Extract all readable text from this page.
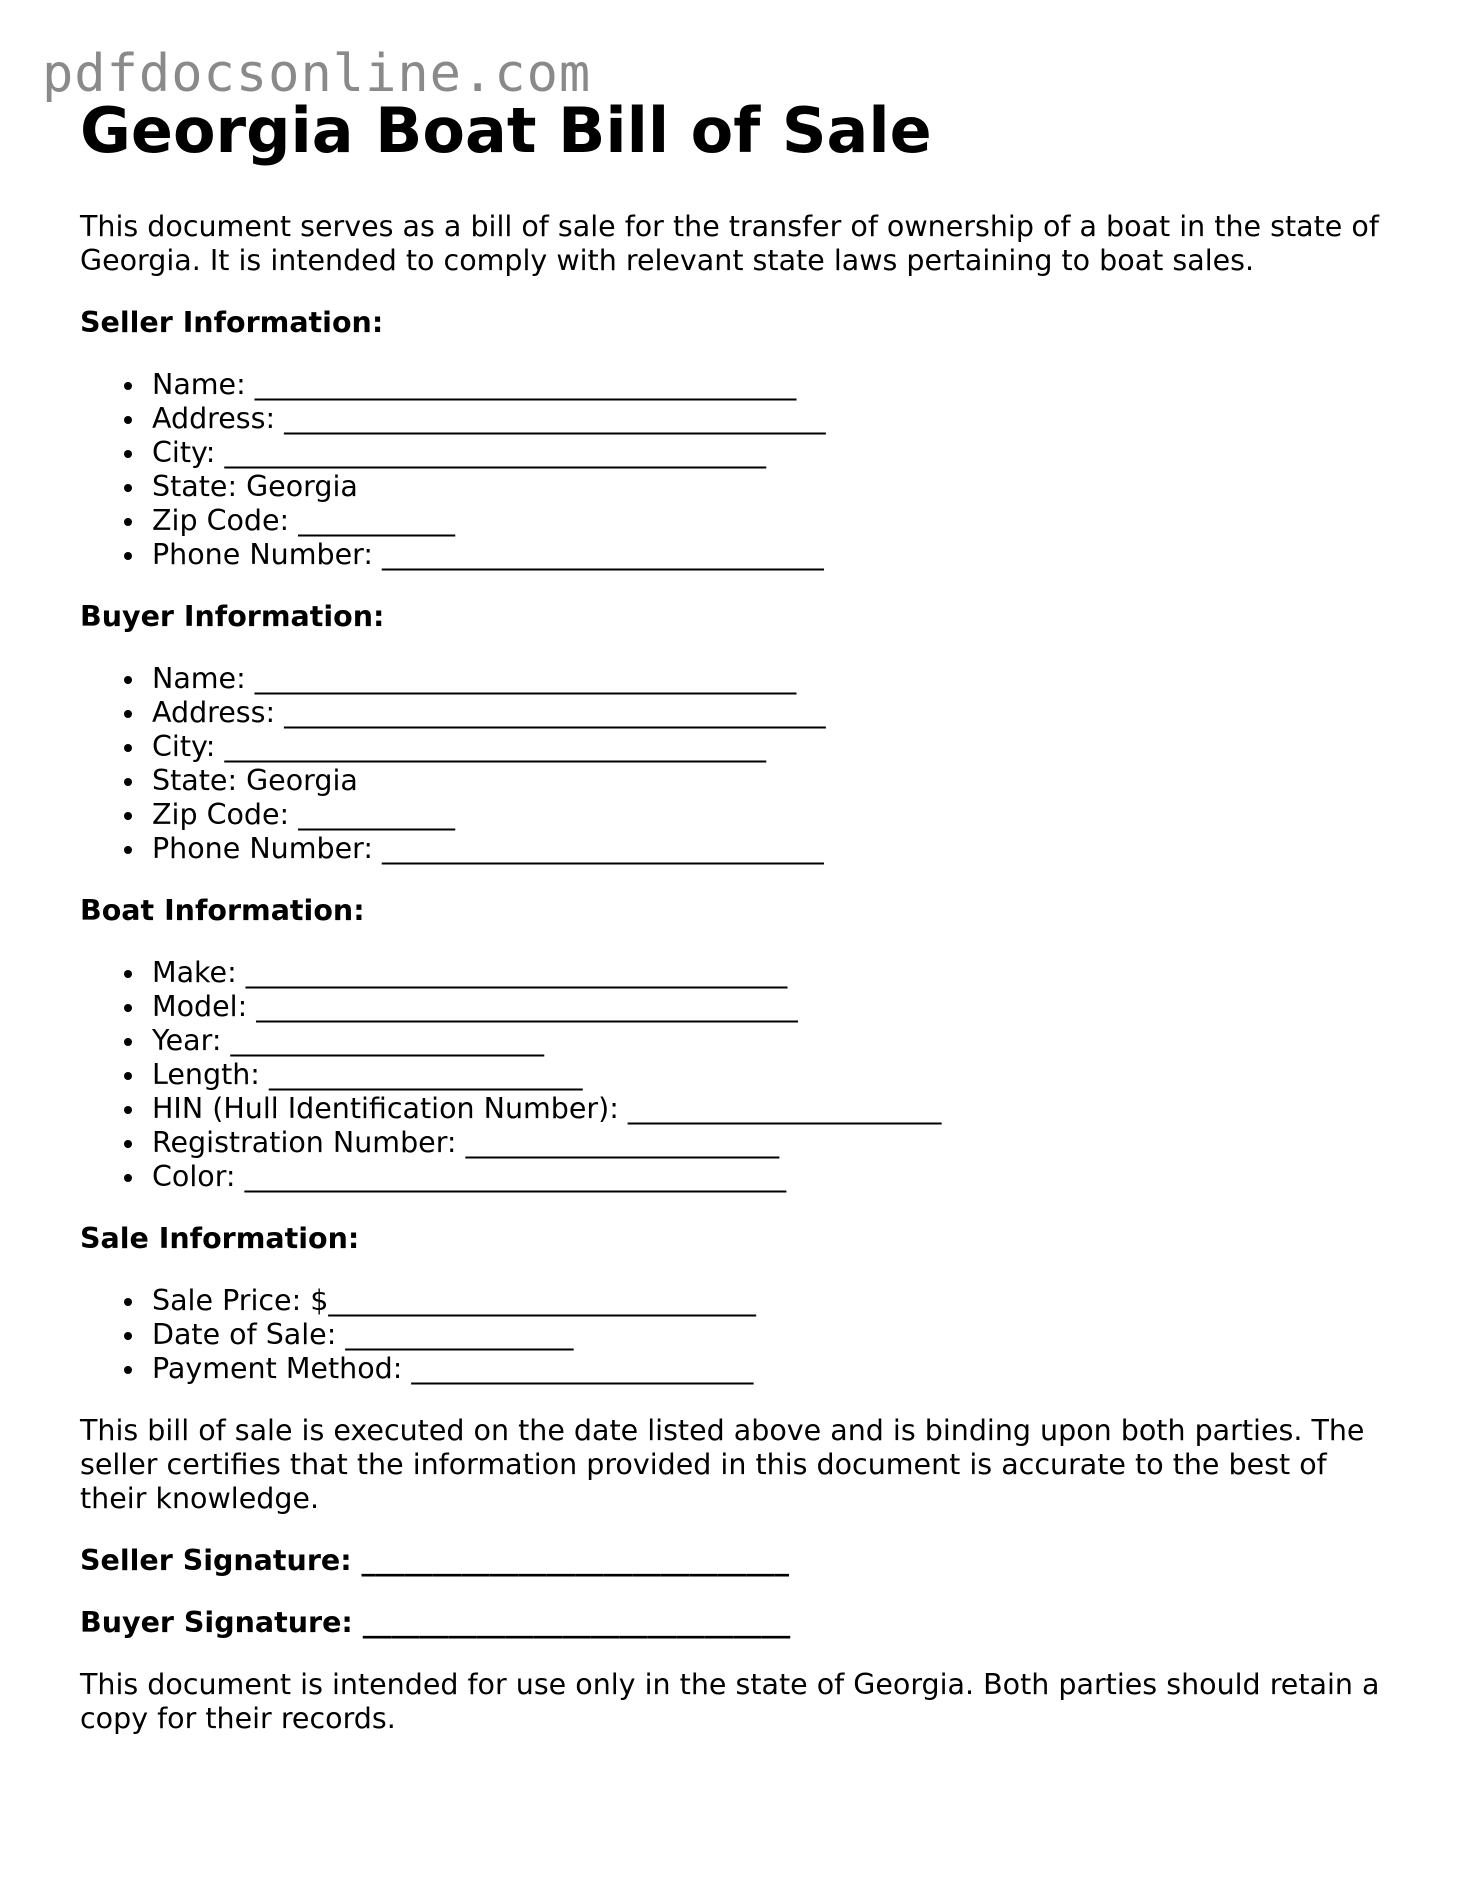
pdfdocsonline.com
Georgia Boat Bill of Sale

This document serves as a bill of sale for the transfer of ownership of a boat in the state of Georgia. It is intended to comply with relevant state laws pertaining to boat sales.

Seller Information:
Name: ______________________________________
Address: ______________________________________
City: ______________________________________
State: Georgia
Zip Code: ___________
Phone Number: _______________________________
Buyer Information:
Name: ______________________________________
Address: ______________________________________
City: ______________________________________
State: Georgia
Zip Code: ___________
Phone Number: _______________________________
Boat Information:
Make: ______________________________________
Model: ______________________________________
Year: ______________________
Length: ______________________
HIN (Hull Identification Number): ______________________
Registration Number: ______________________
Color: ______________________________________
Sale Information:
Sale Price: $______________________________
Date of Sale: ________________
Payment Method: ________________________

This bill of sale is executed on the date listed above and is binding upon both parties. The seller certifies that the information provided in this document is accurate to the best of their knowledge.

Seller Signature: ______________________________
Buyer Signature: ______________________________

This document is intended for use only in the state of Georgia. Both parties should retain a copy for their records.
